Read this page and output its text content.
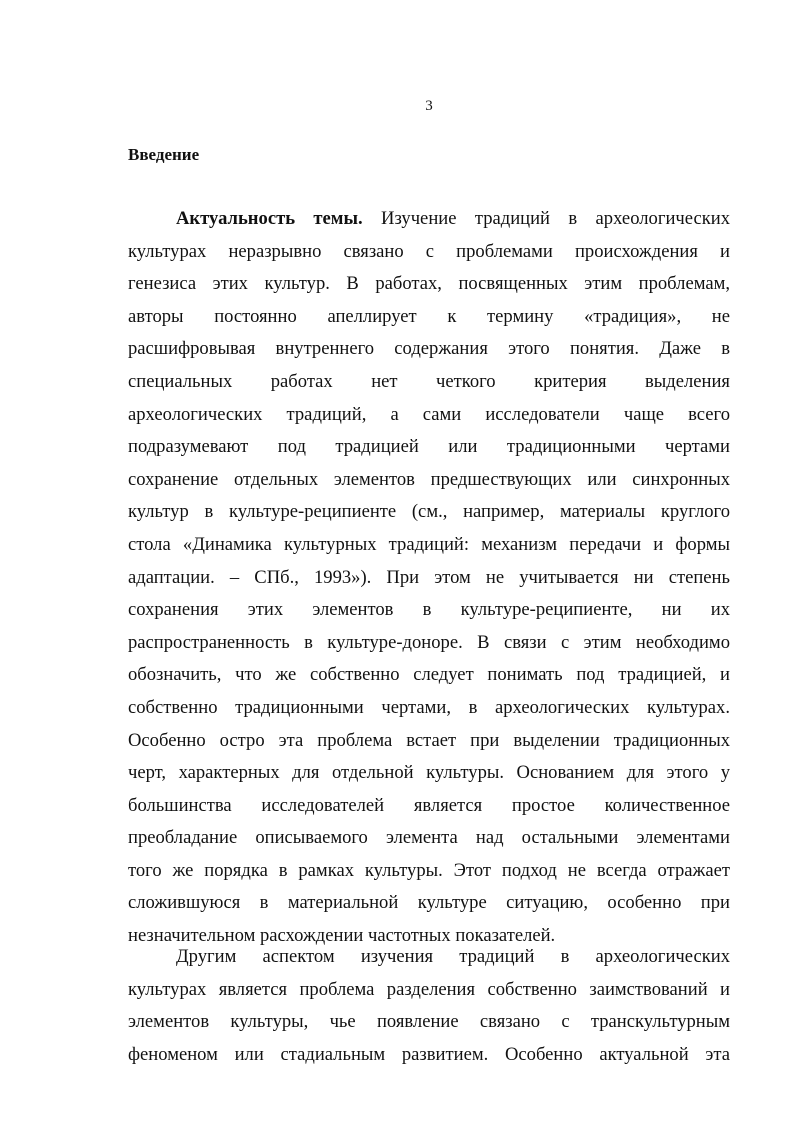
3
Введение
Актуальность темы. Изучение традиций в археологических
культурах неразрывно связано с проблемами происхождения и
генезиса этих культур. В работах, посвященных этим проблемам,
авторы постоянно апеллирует к термину «традиция», не
расшифровывая внутреннего содержания этого понятия. Даже в
специальных работах нет четкого критерия выделения
археологических традиций, а сами исследователи чаще всего
подразумевают под традицией или традиционными чертами
сохранение отдельных элементов предшествующих или синхронных
культур в культуре-реципиенте (см., например, материалы круглого
стола «Динамика культурных традиций: механизм передачи и формы
адаптации. – СПб., 1993»). При этом не учитывается ни степень
сохранения этих элементов в культуре-реципиенте, ни их
распространенность в культуре-доноре. В связи с этим необходимо
обозначить, что же собственно следует понимать под традицией, и
собственно традиционными чертами, в археологических культурах.
Особенно остро эта проблема встает при выделении традиционных
черт, характерных для отдельной культуры. Основанием для этого у
большинства исследователей является простое количественное
преобладание описываемого элемента над остальными элементами
того же порядка в рамках культуры. Этот подход не всегда отражает
сложившуюся в материальной культуре ситуацию, особенно при
незначительном расхождении частотных показателей.
Другим аспектом изучения традиций в археологических
культурах является проблема разделения собственно заимствований и
элементов культуры, чье появление связано с транскультурным
феноменом или стадиальным развитием. Особенно актуальной эта
